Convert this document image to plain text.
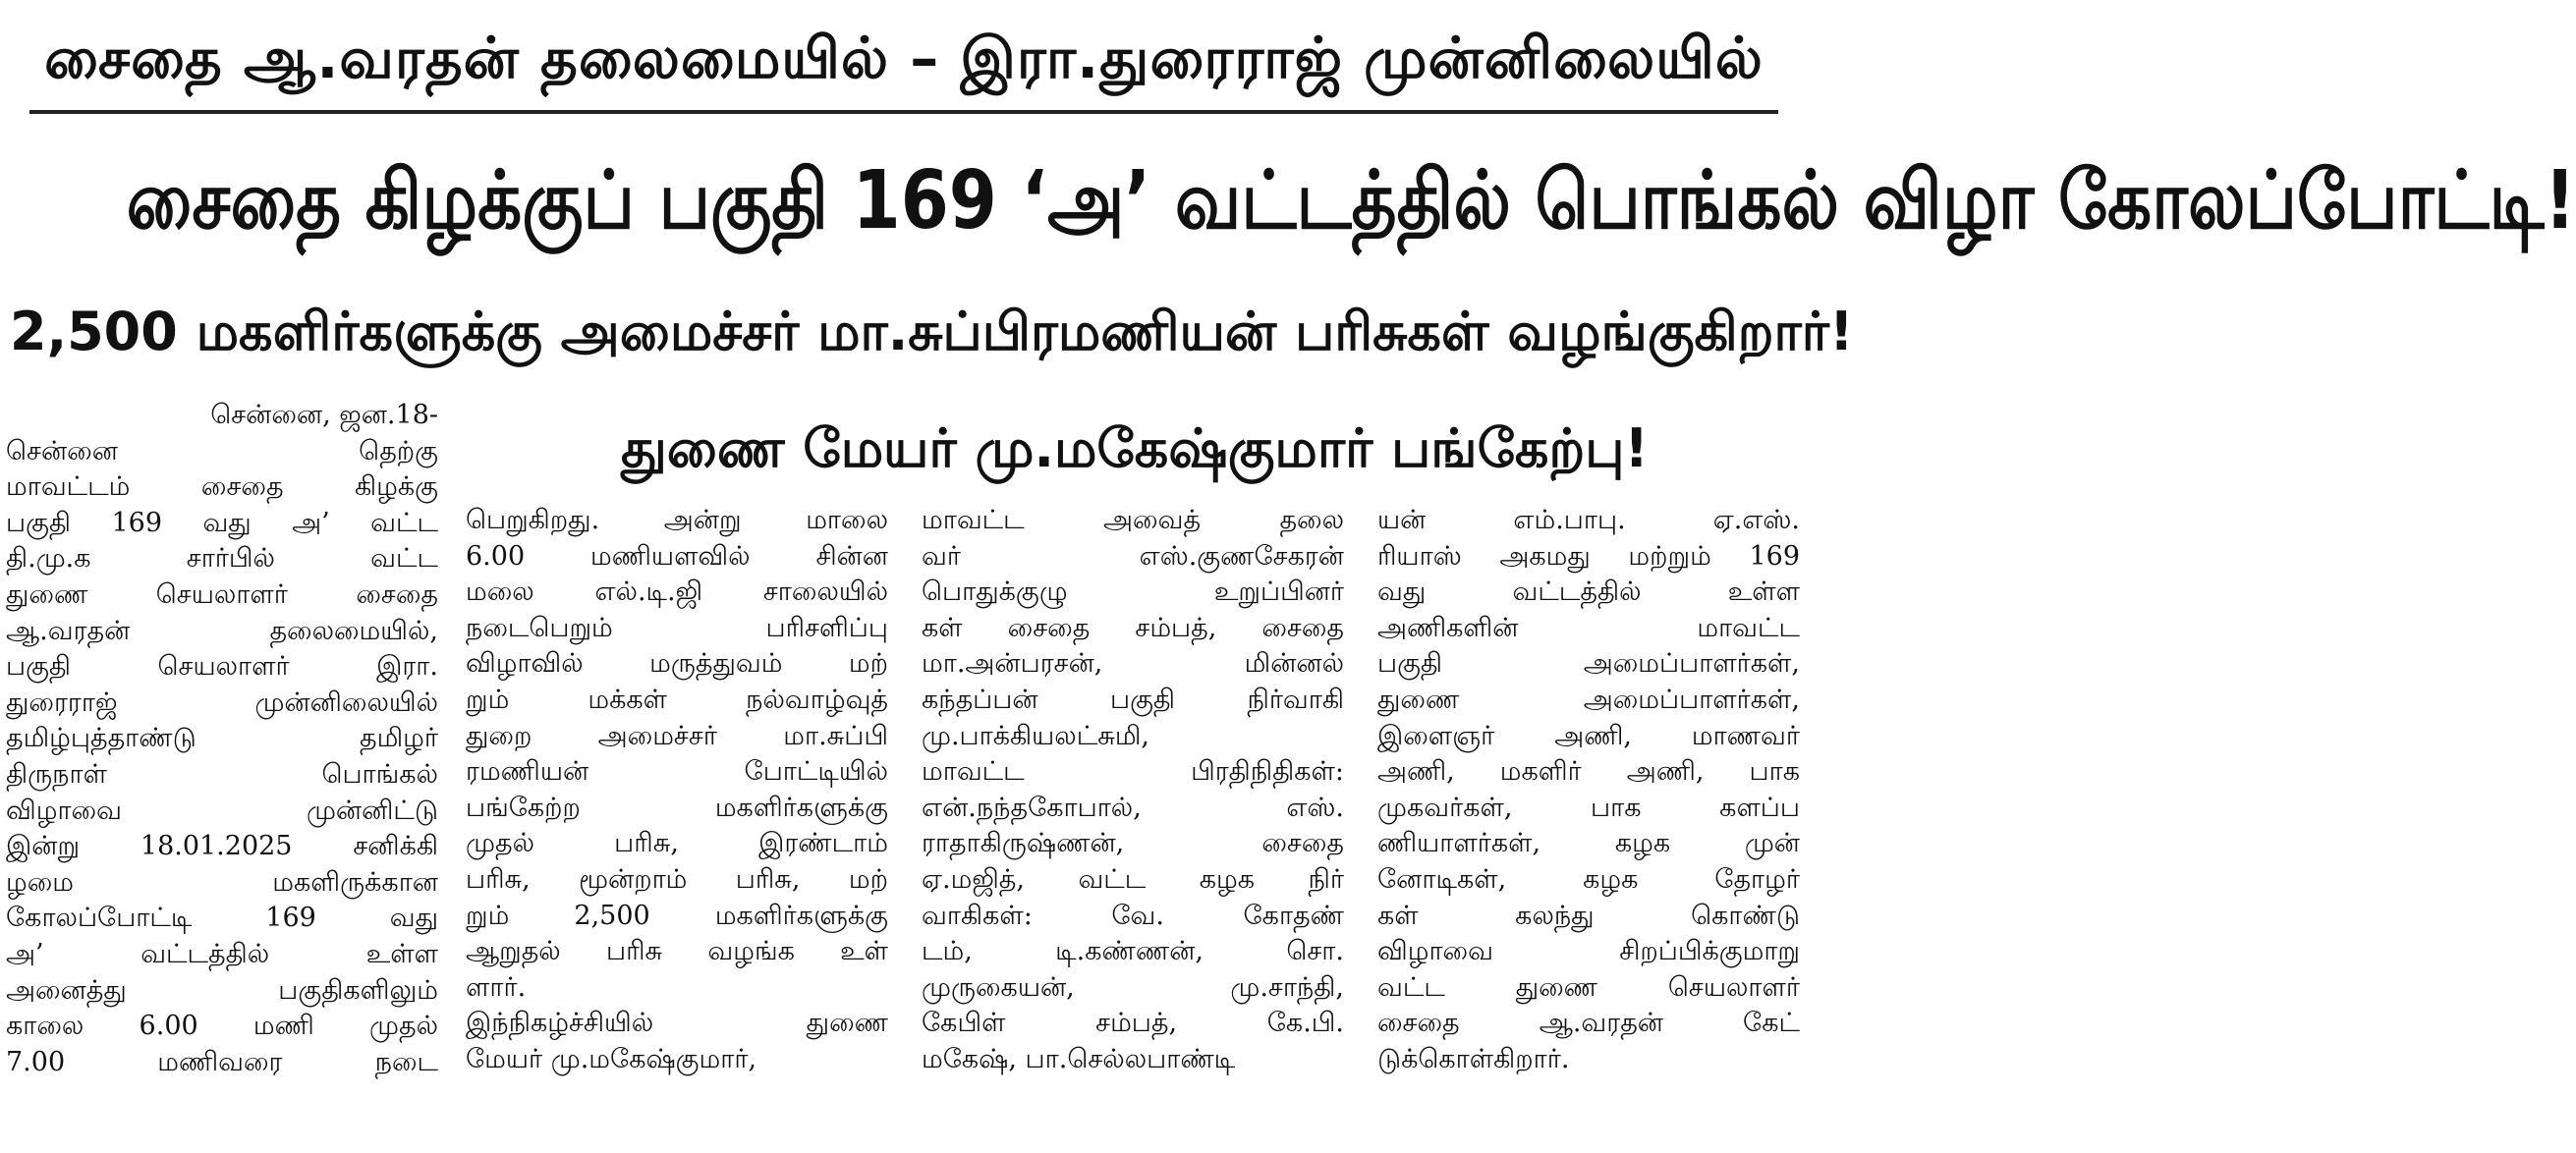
சைதை ஆ.வரதன் தலைமையில் – இரா.துரைராஜ் முன்னிலையில்
சைதை கிழக்குப் பகுதி 169 ‘அ’ வட்டத்தில் பொங்கல் விழா கோலப்போட்டி!
2,500 மகளிர்களுக்கு அமைச்சர் மா.சுப்பிரமணியன் பரிசுகள் வழங்குகிறார்!
துணை மேயர் மு.மகேஷ்குமார் பங்கேற்பு!
சென்னை, ஜன.18-
சென்னை தெற்கு
மாவட்டம் சைதை கிழக்கு
பகுதி 169 வது அ’ வட்ட
தி.மு.க சார்பில் வட்ட
துணை செயலாளர் சைதை
ஆ.வரதன் தலைமையில்,
பகுதி செயலாளர் இரா.
துரைராஜ் முன்னிலையில்
தமிழ்புத்தாண்டு தமிழர்
திருநாள் பொங்கல்
விழாவை முன்னிட்டு
இன்று 18.01.2025 சனிக்கி
ழமை மகளிருக்கான
கோலப்போட்டி 169 வது
அ’ வட்டத்தில் உள்ள
அனைத்து பகுதிகளிலும்
காலை 6.00 மணி முதல்
7.00 மணிவரை நடை
பெறுகிறது. அன்று மாலை
6.00 மணியளவில் சின்ன
மலை எல்.டி.ஜி சாலையில்
நடைபெறும் பரிசளிப்பு
விழாவில் மருத்துவம் மற்
றும் மக்கள் நல்வாழ்வுத்
துறை அமைச்சர் மா.சுப்பி
ரமணியன் போட்டியில்
பங்கேற்ற மகளிர்களுக்கு
முதல் பரிசு, இரண்டாம்
பரிசு, மூன்றாம் பரிசு, மற்
றும் 2,500 மகளிர்களுக்கு
ஆறுதல் பரிசு வழங்க உள்
ளார்.
இந்நிகழ்ச்சியில் துணை
மேயர் மு.மகேஷ்குமார்,
மாவட்ட அவைத் தலை
வர் எஸ்.குணசேகரன்
பொதுக்குழு உறுப்பினர்
கள் சைதை சம்பத், சைதை
மா.அன்பரசன், மின்னல்
கந்தப்பன் பகுதி நிர்வாகி
மு.பாக்கியலட்சுமி,
மாவட்ட பிரதிநிதிகள்:
என்.நந்தகோபால், எஸ்.
ராதாகிருஷ்ணன், சைதை
ஏ.மஜித், வட்ட கழக நிர்
வாகிகள்: வே. கோதண்
டம், டி.கண்ணன், சொ.
முருகையன், மு.சாந்தி,
கேபிள் சம்பத், கே.பி.
மகேஷ், பா.செல்லபாண்டி
யன் எம்.பாபு. ஏ.எஸ்.
ரியாஸ் அகமது மற்றும் 169
வது வட்டத்தில் உள்ள
அணிகளின் மாவட்ட
பகுதி அமைப்பாளர்கள்,
துணை அமைப்பாளர்கள்,
இளைஞர் அணி, மாணவர்
அணி, மகளிர் அணி, பாக
முகவர்கள், பாக களப்ப
ணியாளர்கள், கழக முன்
னோடிகள், கழக தோழர்
கள் கலந்து கொண்டு
விழாவை சிறப்பிக்குமாறு
வட்ட துணை செயலாளர்
சைதை ஆ.வரதன் கேட்
டுக்கொள்கிறார்.
